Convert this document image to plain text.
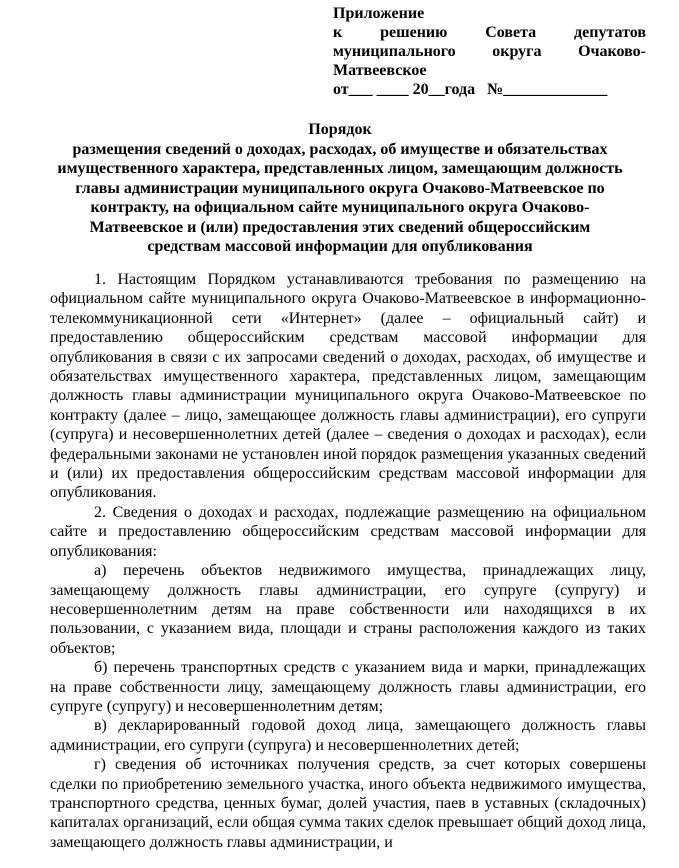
Приложение
к решению Совета депутатов
муниципального округа Очаково-
Матвеевское
от___ ____ 20__года   №_____________
Порядок
размещения сведений о доходах, расходах, об имуществе и обязательствах
имущественного характера, представленных лицом, замещающим должность
главы администрации муниципального округа Очаково-Матвеевское по
контракту, на официальном сайте муниципального округа Очаково-
Матвеевское и (или) предоставления этих сведений общероссийским
средствам массовой информации для опубликования

1. Настоящим Порядком устанавливаются требования по размещению на официальном сайте муниципального округа Очаково-Матвеевское в информационно-телекоммуникационной сети «Интернет» (далее – официальный сайт) и предоставлению общероссийским средствам массовой информации для опубликования в связи с их запросами сведений о доходах, расходах, об имуществе и обязательствах имущественного характера, представленных лицом, замещающим должность главы администрации муниципального округа Очаково-Матвеевское по контракту (далее – лицо, замещающее должность главы администрации), его супруги (супруга) и несовершеннолетних детей (далее – сведения о доходах и расходах), если федеральными законами не установлен иной порядок размещения указанных сведений и (или) их предоставления общероссийским средствам массовой информации для опубликования.

2. Сведения о доходах и расходах, подлежащие размещению на официальном сайте и предоставлению общероссийским средствам массовой информации для опубликования:

а) перечень объектов недвижимого имущества, принадлежащих лицу, замещающему должность главы администрации, его супруге (супругу) и несовершеннолетним детям на праве собственности или находящихся в их пользовании, с указанием вида, площади и страны расположения каждого из таких объектов;

б) перечень транспортных средств с указанием вида и марки, принадлежащих на праве собственности лицу, замещающему должность главы администрации, его супруге (супругу) и несовершеннолетним детям;

в) декларированный годовой доход лица, замещающего должность главы администрации, его супруги (супруга) и несовершеннолетних детей;

г) сведения об источниках получения средств, за счет которых совершены сделки по приобретению земельного участка, иного объекта недвижимого имущества, транспортного средства, ценных бумаг, долей участия, паев в уставных (складочных) капиталах организаций, если общая сумма таких сделок превышает общий доход лица, замещающего должность главы администрации, и
